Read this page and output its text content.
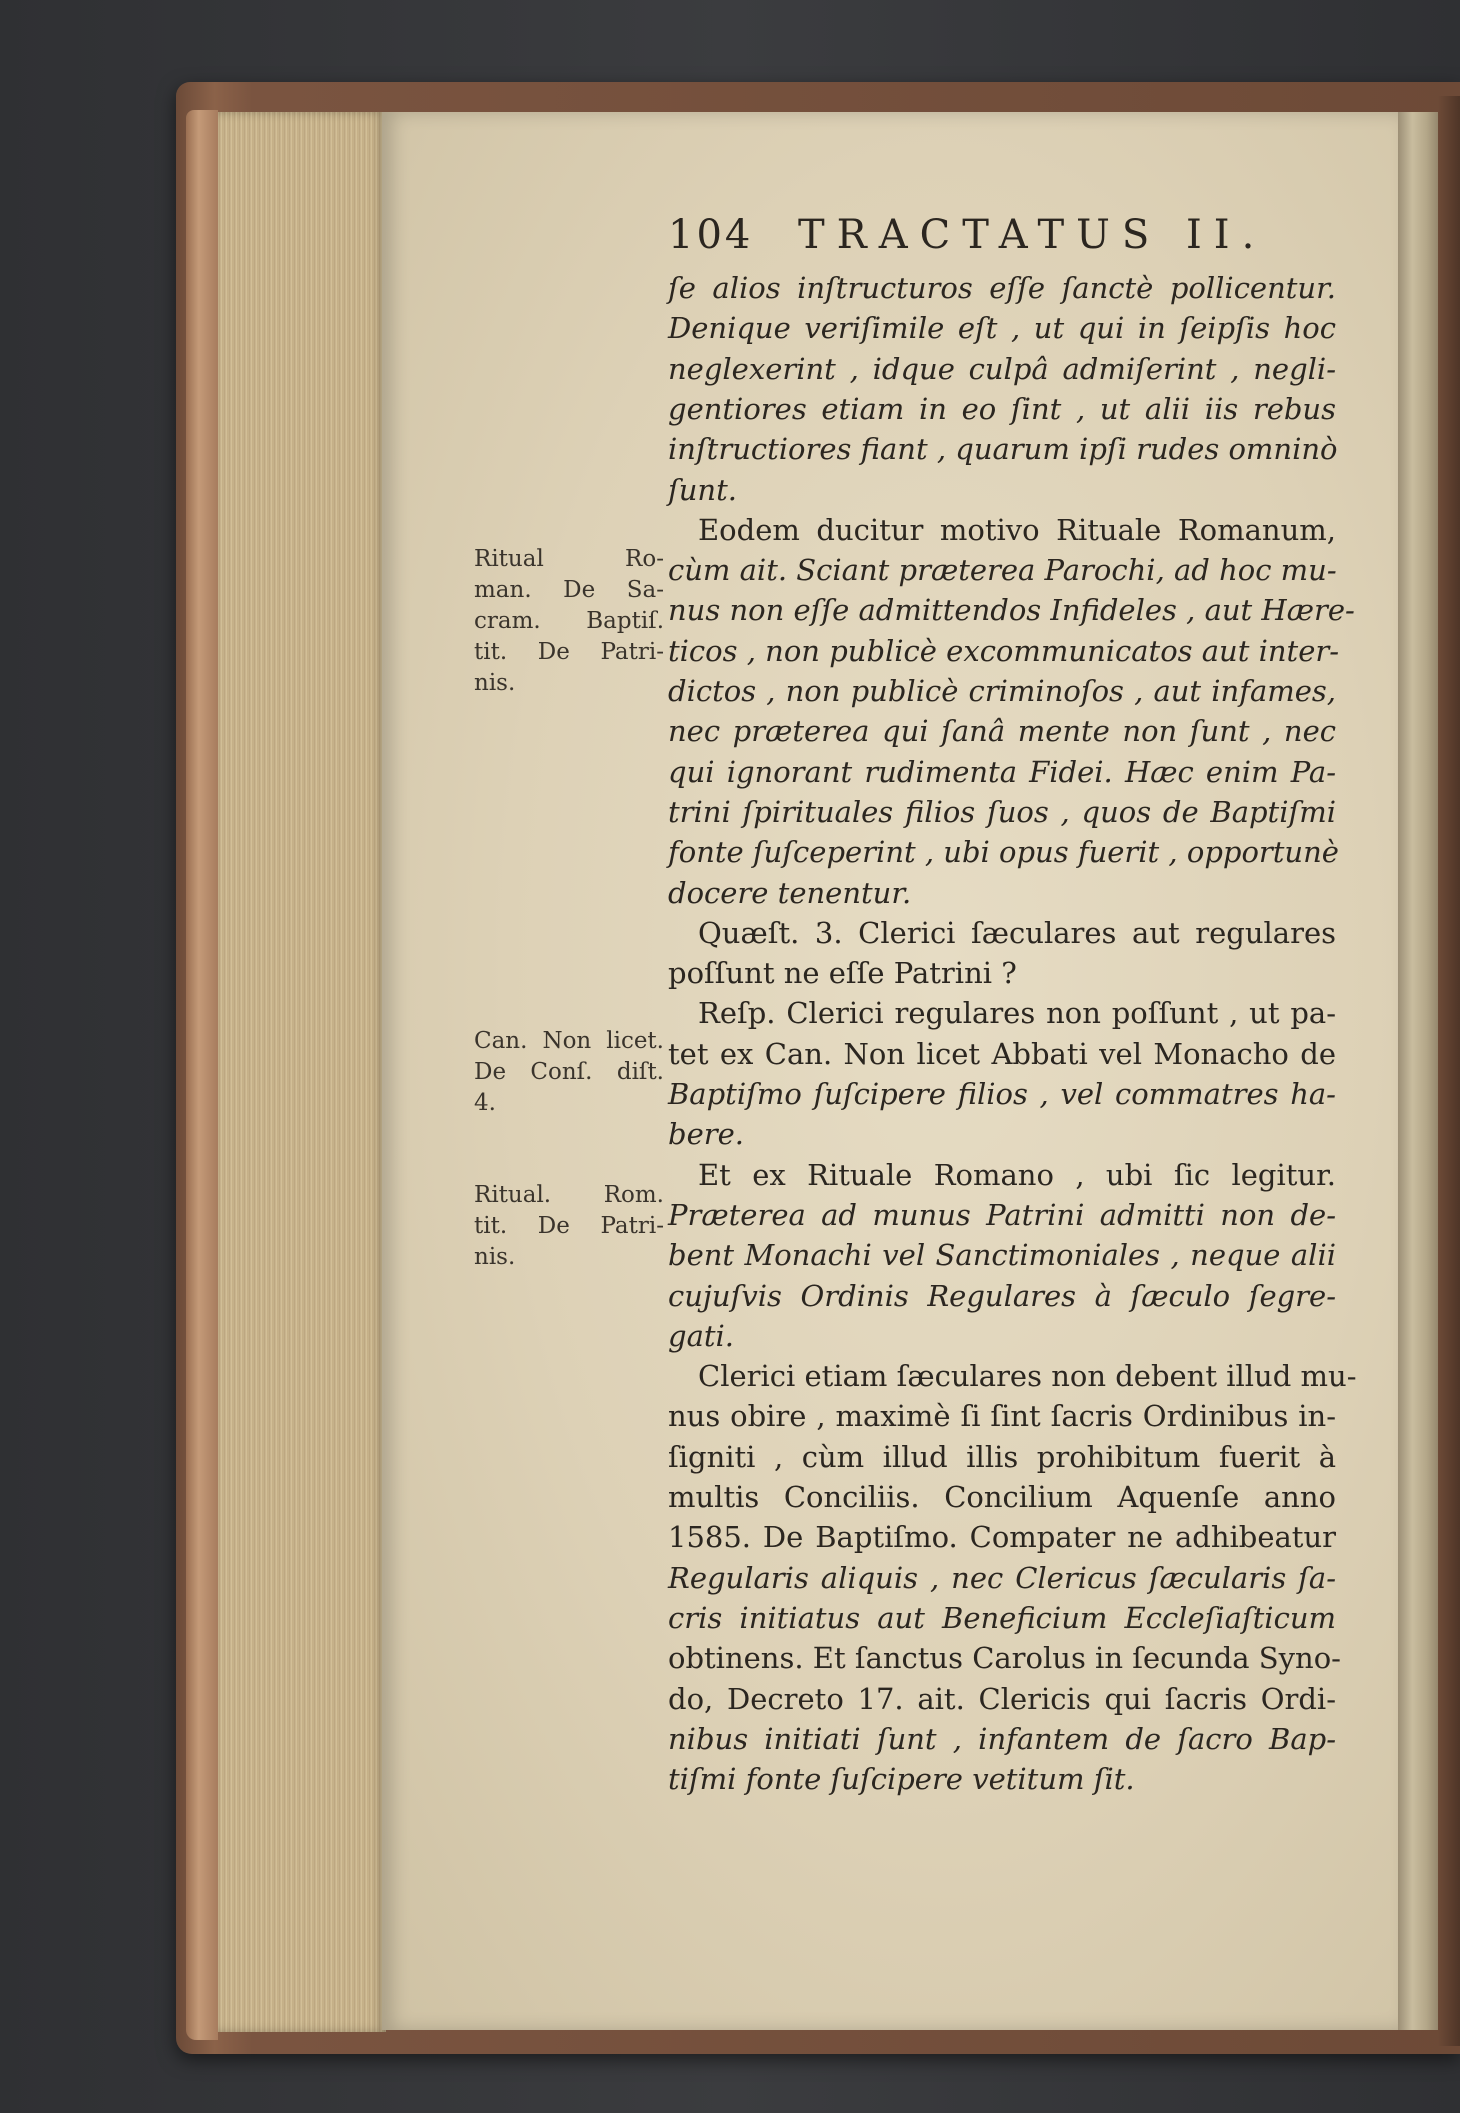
104 TRACTATUS II.
ſe alios inſtructuros eſſe ſanctè pollicentur.
Denique veriſimile eſt , ut qui in ſeipſis hoc
neglexerint , idque culpâ admiſerint , negli-
gentiores etiam in eo ſint , ut alii iis rebus
inſtructiores fiant , quarum ipſi rudes omninò
ſunt.
Eodem ducitur motivo Rituale Romanum,
cùm ait. Sciant præterea Parochi, ad hoc mu-
nus non eſſe admittendos Infideles , aut Hære-
ticos , non publicè excommunicatos aut inter-
dictos , non publicè criminoſos , aut infames,
nec præterea qui ſanâ mente non ſunt , nec
qui ignorant rudimenta Fidei. Hæc enim Pa-
trini ſpirituales filios ſuos , quos de Baptiſmi
fonte ſuſceperint , ubi opus fuerit , opportunè
docere tenentur.
Quæſt. 3. Clerici ſæculares aut regulares
poſſunt ne eſſe Patrini ?
Reſp. Clerici regulares non poſſunt , ut pa-
tet ex Can. Non licet Abbati vel Monacho de
Baptiſmo ſuſcipere filios , vel commatres ha-
bere.
Et ex Rituale Romano , ubi ſic legitur.
Præterea ad munus Patrini admitti non de-
bent Monachi vel Sanctimoniales , neque alii
cujuſvis Ordinis Regulares à ſæculo ſegre-
gati.
Clerici etiam ſæculares non debent illud mu-
nus obire , maximè ſi ſint ſacris Ordinibus in-
ſigniti , cùm illud illis prohibitum fuerit à
multis Conciliis. Concilium Aquenſe anno
1585. De Baptiſmo. Compater ne adhibeatur
Regularis aliquis , nec Clericus ſæcularis ſa-
cris initiatus aut Beneficium Eccleſiaſticum
obtinens. Et ſanctus Carolus in ſecunda Syno-
do, Decreto 17. ait. Clericis qui ſacris Ordi-
nibus initiati ſunt , infantem de ſacro Bap-
tiſmi fonte ſuſcipere vetitum ſit.
Ritual Ro-
man. De Sa-
cram. Baptiſ.
tit. De Patri-
nis.
Can. Non licet.
De Conſ. diſt.
4.
Ritual. Rom.
tit. De Patri-
nis.
